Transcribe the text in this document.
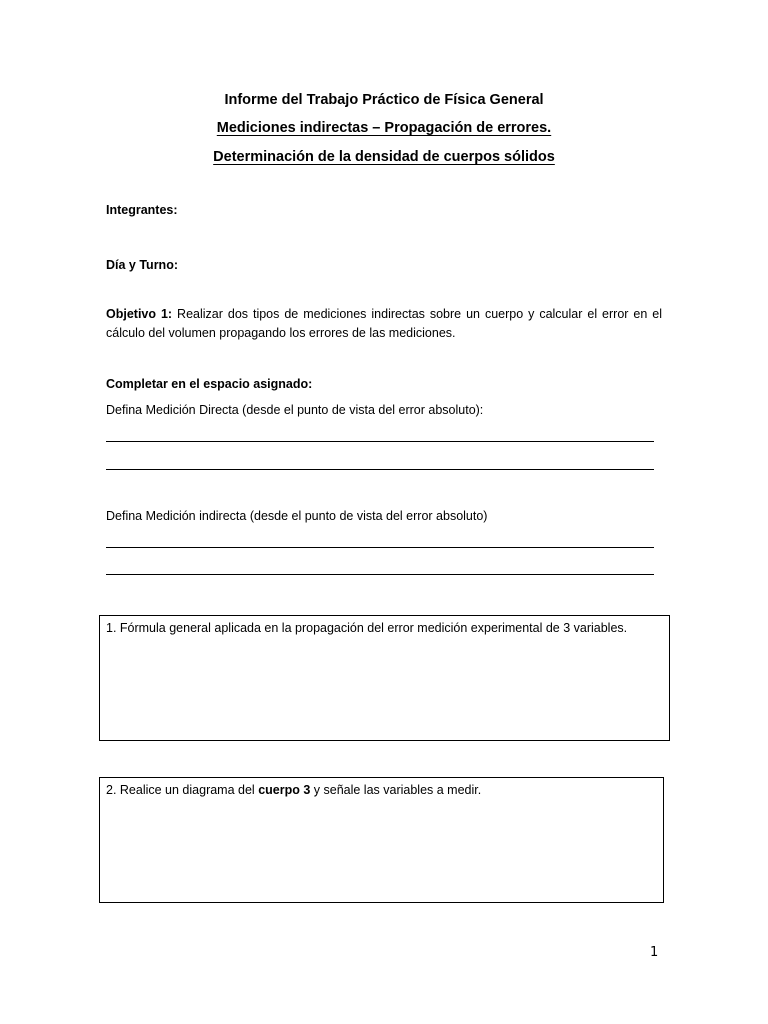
Informe del Trabajo Práctico de Física General
Mediciones indirectas – Propagación de errores.
Determinación de la densidad de cuerpos sólidos
Integrantes:
Día y Turno:
Objetivo 1: Realizar dos tipos de mediciones indirectas sobre un cuerpo y calcular el error en el cálculo del volumen propagando los errores de las mediciones.
Completar en el espacio asignado:
Defina Medición Directa (desde el punto de vista del error absoluto):
Defina Medición indirecta (desde el punto de vista del error absoluto)
1. Fórmula general aplicada en la propagación del error medición experimental de 3 variables.
2. Realice un diagrama del cuerpo 3 y señale las variables a medir.
1
